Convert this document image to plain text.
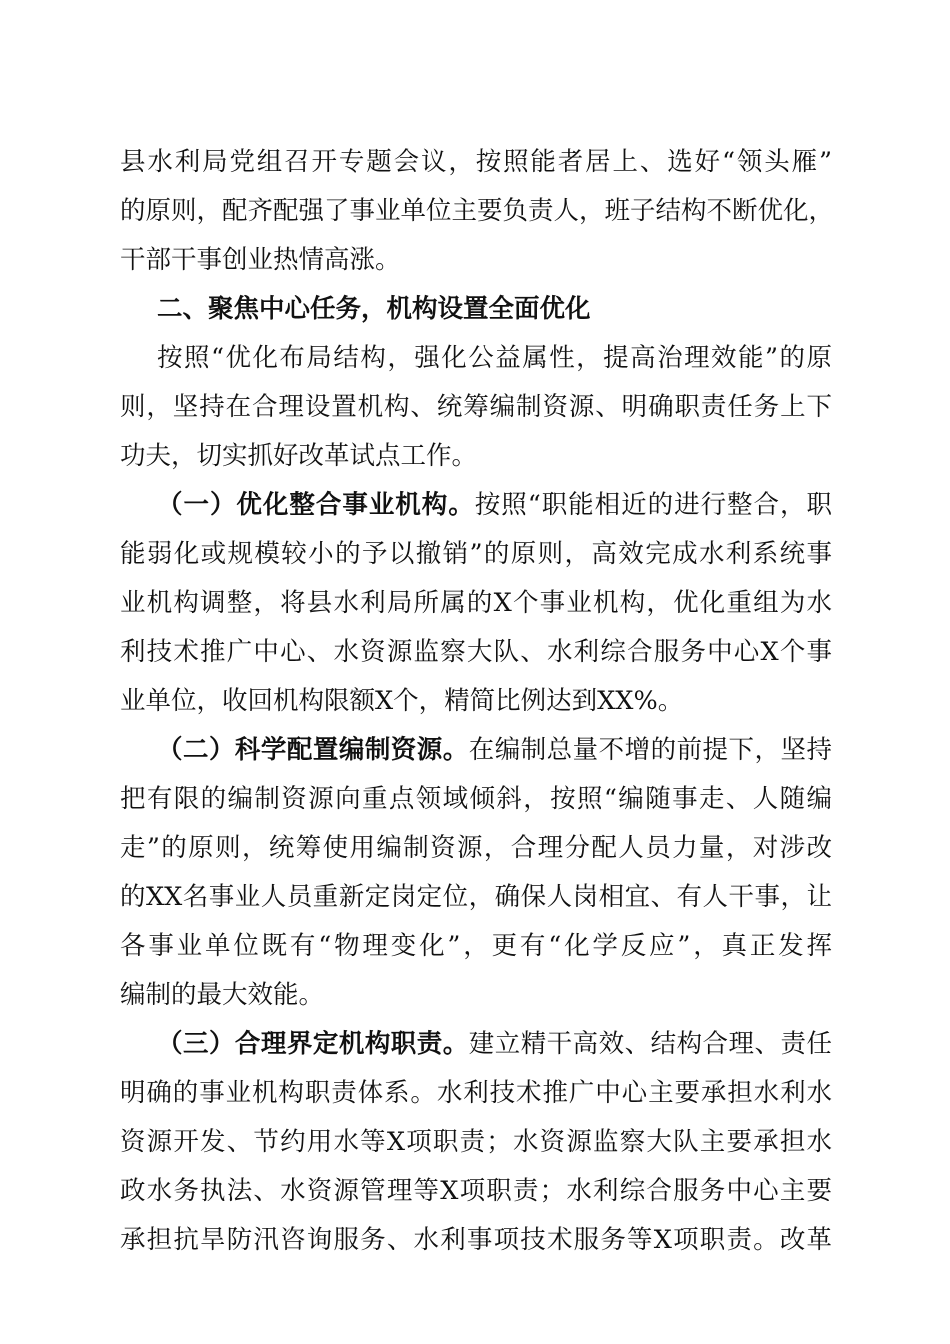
县水利局党组召开专题会议，按照能者居上、选好“领头雁”
的原则，配齐配强了事业单位主要负责人，班子结构不断优化，
干部干事创业热情高涨。
二、聚焦中心任务，机构设置全面优化
按照“优化布局结构，强化公益属性，提高治理效能”的原
则，坚持在合理设置机构、统筹编制资源、明确职责任务上下
功夫，切实抓好改革试点工作。
（一）优化整合事业机构。按照“职能相近的进行整合，职
能弱化或规模较小的予以撤销”的原则，高效完成水利系统事
业机构调整，将县水利局所属的X个事业机构，优化重组为水
利技术推广中心、水资源监察大队、水利综合服务中心X个事
业单位，收回机构限额X个，精简比例达到XX%。
（二）科学配置编制资源。在编制总量不增的前提下，坚持
把有限的编制资源向重点领域倾斜，按照“编随事走、人随编
走”的原则，统筹使用编制资源，合理分配人员力量，对涉改
的XX名事业人员重新定岗定位，确保人岗相宜、有人干事，让
各事业单位既有“物理变化”，更有“化学反应”，真正发挥
编制的最大效能。
（三）合理界定机构职责。建立精干高效、结构合理、责任
明确的事业机构职责体系。水利技术推广中心主要承担水利水
资源开发、节约用水等X项职责；水资源监察大队主要承担水
政水务执法、水资源管理等X项职责；水利综合服务中心主要
承担抗旱防汛咨询服务、水利事项技术服务等X项职责。改革
